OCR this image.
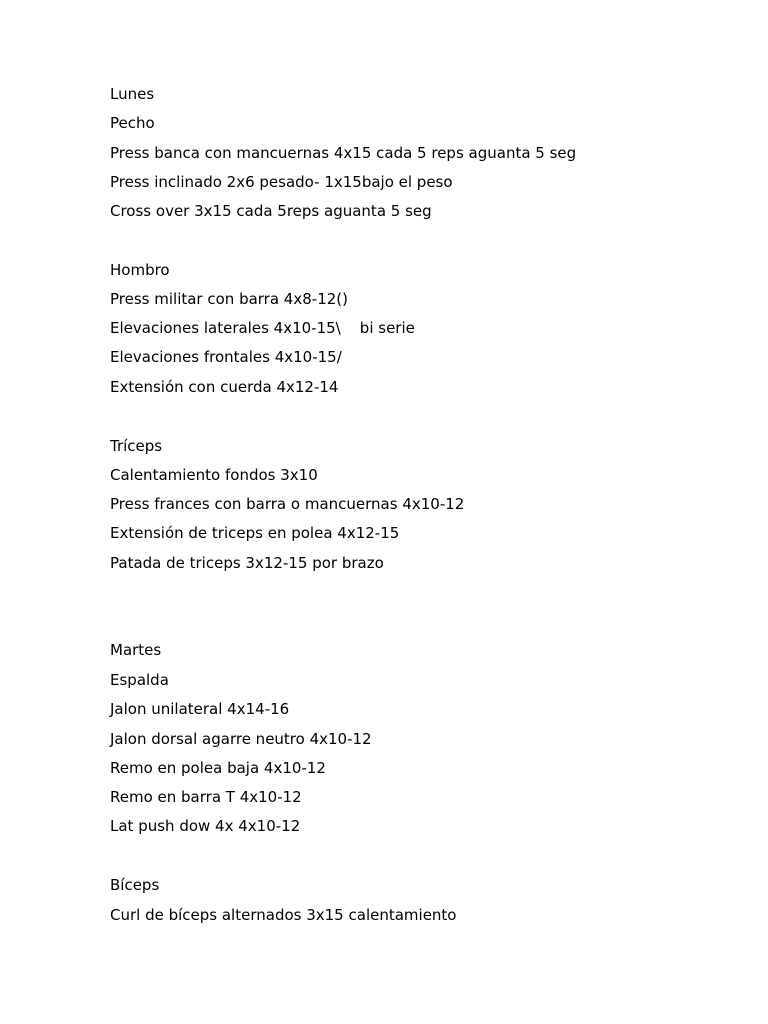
Lunes

Pecho

Press banca con mancuernas 4x15 cada 5 reps aguanta 5 seg

Press inclinado 2x6 pesado- 1x15bajo el peso

Cross over 3x15 cada 5reps aguanta 5 seg

Hombro

Press militar con barra 4x8-12()

Elevaciones laterales 4x10-15\    bi serie

Elevaciones frontales 4x10-15/

Extensión con cuerda 4x12-14

Tríceps

Calentamiento fondos 3x10

Press frances con barra o mancuernas 4x10-12

Extensión de triceps en polea 4x12-15

Patada de triceps 3x12-15 por brazo

Martes

Espalda

Jalon unilateral 4x14-16

Jalon dorsal agarre neutro 4x10-12

Remo en polea baja 4x10-12

Remo en barra T 4x10-12

Lat push dow 4x 4x10-12

Bíceps

Curl de bíceps alternados 3x15 calentamiento
